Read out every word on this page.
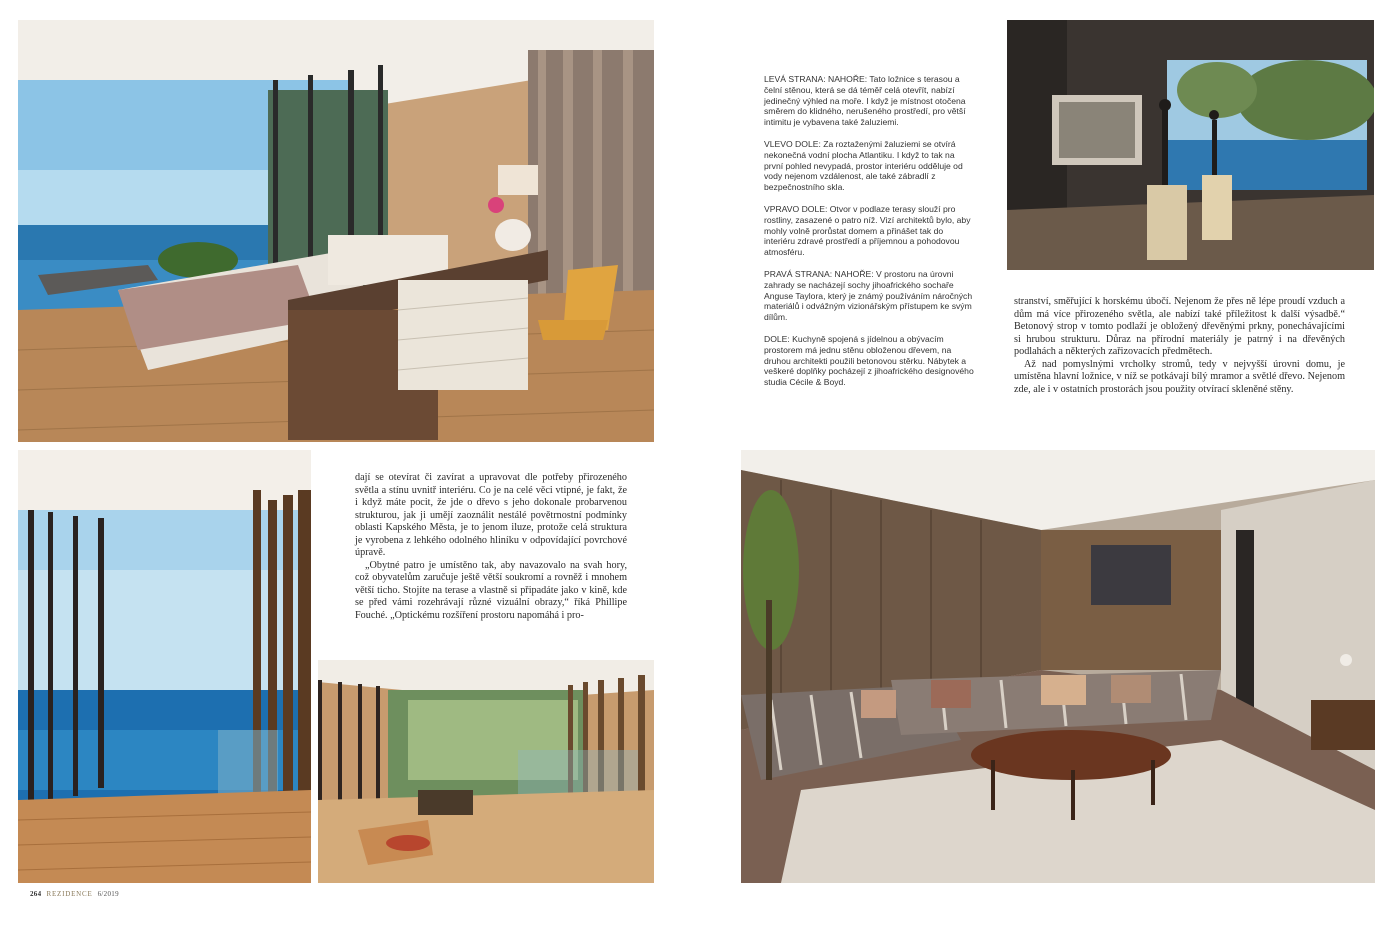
LEVÁ STRANA: NAHOŘE: Tato ložnice s terasou a čelní stěnou, která se dá téměř celá otevřít, nabízí jedinečný výhled na moře. I když je místnost otočena směrem do klidného, nerušeného prostředí, pro větší intimitu je vybavena také žaluziemi.

VLEVO DOLE: Za roztaženými žaluziemi se otvírá nekonečná vodní plocha Atlantiku. I když to tak na první pohled nevypadá, prostor interiéru odděluje od vody nejenom vzdálenost, ale také zábradlí z bezpečnostního skla.

VPRAVO DOLE: Otvor v podlaze terasy slouží pro rostliny, zasazené o patro níž. Vizí architektů bylo, aby mohly volně prorůstat domem a přinášet tak do interiéru zdravé prostředí a příjemnou a pohodovou atmosféru.

PRAVÁ STRANA: NAHOŘE: V prostoru na úrovni zahrady se nacházejí sochy jihoafrického sochaře Anguse Taylora, který je známý používáním náročných materiálů i odvážným vizionářským přístupem ke svým dílům.

DOLE: Kuchyně spojená s jídelnou a obývacím prostorem má jednu stěnu obloženou dřevem, na druhou architekti použili betonovou stěrku. Nábytek a veškeré doplňky pocházejí z jihoafrického designového studia Cécile & Boyd.

dají se otevírat či zavírat a upravovat dle potřeby přirozeného světla a stínu uvnitř interiéru. Co je na celé věci vtipné, je fakt, že i když máte pocit, že jde o dřevo s jeho dokonale probarvenou strukturou, jak ji umějí zaoználit nestálé povětrnostní podmínky oblasti Kapského Města, je to jenom iluze, protože celá struktura je vyrobena z lehkého odolného hliníku v odpovídající povrchové úpravě.

„Obytné patro je umístěno tak, aby navazovalo na svah hory, což obyvatelům zaručuje ještě větší soukromí a rovněž i mnohem větší ticho. Stojíte na terase a vlastně si připadáte jako v kině, kde se před vámi rozehrávají různé vizuální obrazy,“ říká Phillipe Fouché. „Optickému rozšíření prostoru napomáhá i pro-

stranství, směřující k horskému úbočí. Nejenom že přes ně lépe proudí vzduch a dům má více přirozeného světla, ale nabízí také příležitost k další výsadbě.“ Betonový strop v tomto podlaží je obložený dřevěnými prkny, ponechávajícími si hrubou strukturu. Důraz na přírodní materiály je patrný i na dřevěných podlahách a některých zařizovacích předmětech.

Až nad pomyslnými vrcholky stromů, tedy v nejvyšší úrovni domu, je umístěna hlavní ložnice, v níž se potkávají bílý mramor a světlé dřevo. Nejenom zde, ale i v ostatních prostorách jsou použity otvírací skleněné stěny.

264 REZIDENCE 6/2019
